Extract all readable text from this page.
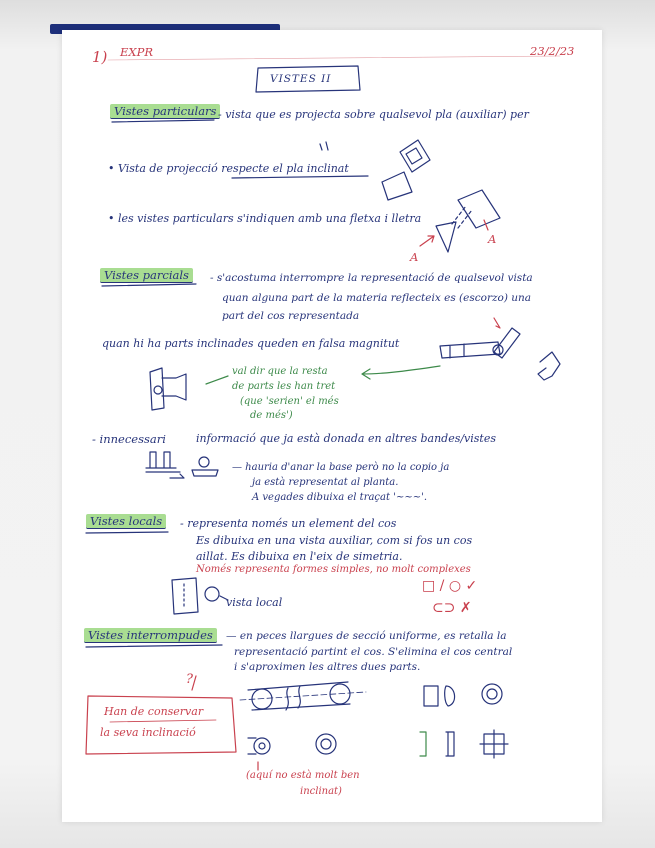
1) EXPR	23/2/23
VISTES II
Vistes particulars - vista que es projecta sobre qualsevol pla (auxiliar) per
• Vista de projecció respecte el pla inclinat
• les vistes particulars s'indiquen amb una fletxa i lletra
A
A
Vistes parcials	- s'acostuma interrompre la representació de qualsevol vista
quan alguna part de la materia reflecteix es (escorzo) una
part del cos representada
quan hi ha parts inclinades queden en falsa magnitut
val dir que la resta
de parts les han tret
(que 'serien' el més
de més')
- innecessari	informació que ja està donada en altres bandes/vistes
— hauria d'anar la base però no la copio ja
ja està representat al planta.
A vegades dibuixa el traçat '~~~'.
Vistes locals	- representa només un element del cos
Es dibuixa en una vista auxiliar, com si fos un cos
aillat. Es dibuixa en l'eix de simetria.
Només representa formes simples, no molt complexes
vista local
□ / ○ ✓
⊂⊃ ✗
Vistes interrompudes	— en peces llargues de secció uniforme, es retalla la
representació partint el cos. S'elimina el cos central
i s'aproximen les altres dues parts.
?
Han de conservar
la seva inclinació
(aquí no està molt ben
inclinat)
